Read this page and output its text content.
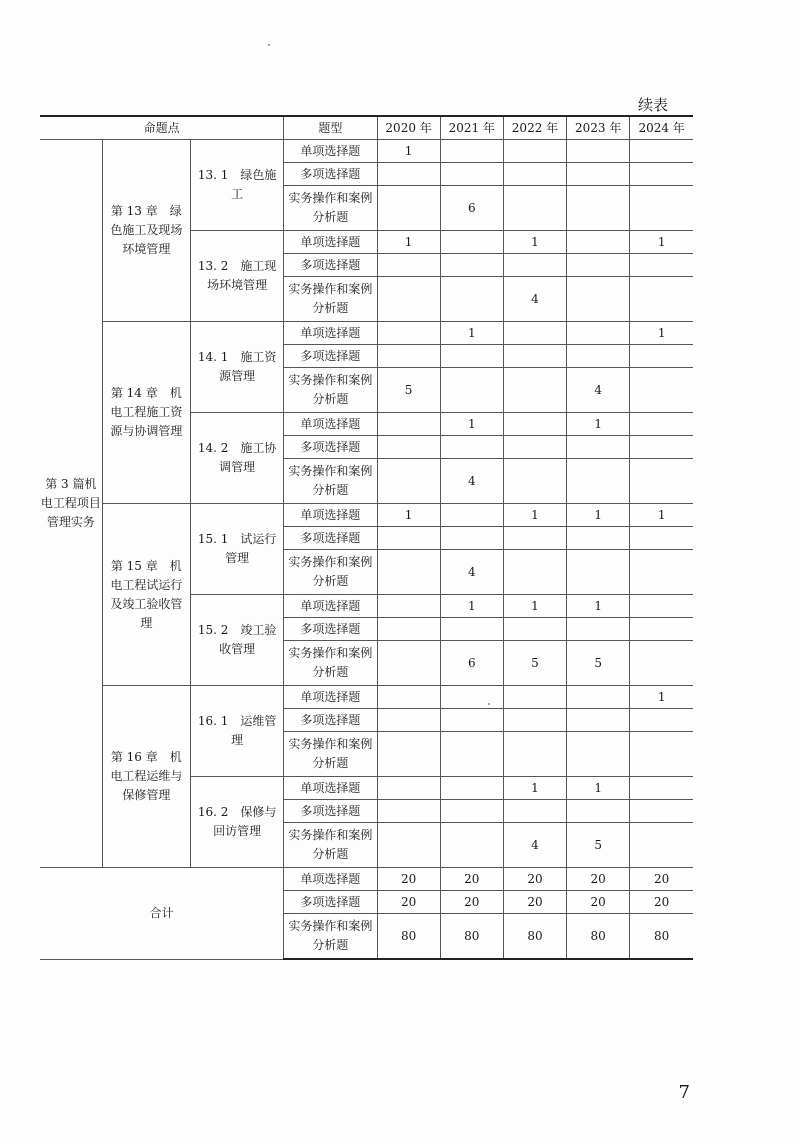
续表
命题点			题型	2020 年	2021 年	2022 年	2023 年	2024 年
第 3 篇机电工程项目管理实务	第 13 章　绿色施工及现场环境管理	13. 1　绿色施工	单项选择题	1				
			多项选择题					
			实务操作和案例分析题		6			
		13. 2　施工现场环境管理	单项选择题	1		1		1
			多项选择题					
			实务操作和案例分析题			4		
	第 14 章　机电工程施工资源与协调管理	14. 1　施工资源管理	单项选择题		1			1
			多项选择题					
			实务操作和案例分析题	5			4	
		14. 2　施工协调管理	单项选择题		1		1	
			多项选择题					
			实务操作和案例分析题		4			
	第 15 章　机电工程试运行及竣工验收管理	15. 1　试运行管理	单项选择题	1		1	1	1
			多项选择题					
			实务操作和案例分析题		4			
		15. 2　竣工验收管理	单项选择题		1	1	1	
			多项选择题					
			实务操作和案例分析题		6	5	5	
	第 16 章　机电工程运维与保修管理	16. 1　运维管理	单项选择题					1
			多项选择题					
			实务操作和案例分析题					
		16. 2　保修与回访管理	单项选择题			1	1	
			多项选择题					
			实务操作和案例分析题			4	5	
合计			单项选择题	20	20	20	20	20
			多项选择题	20	20	20	20	20
			实务操作和案例分析题	80	80	80	80	80
7
